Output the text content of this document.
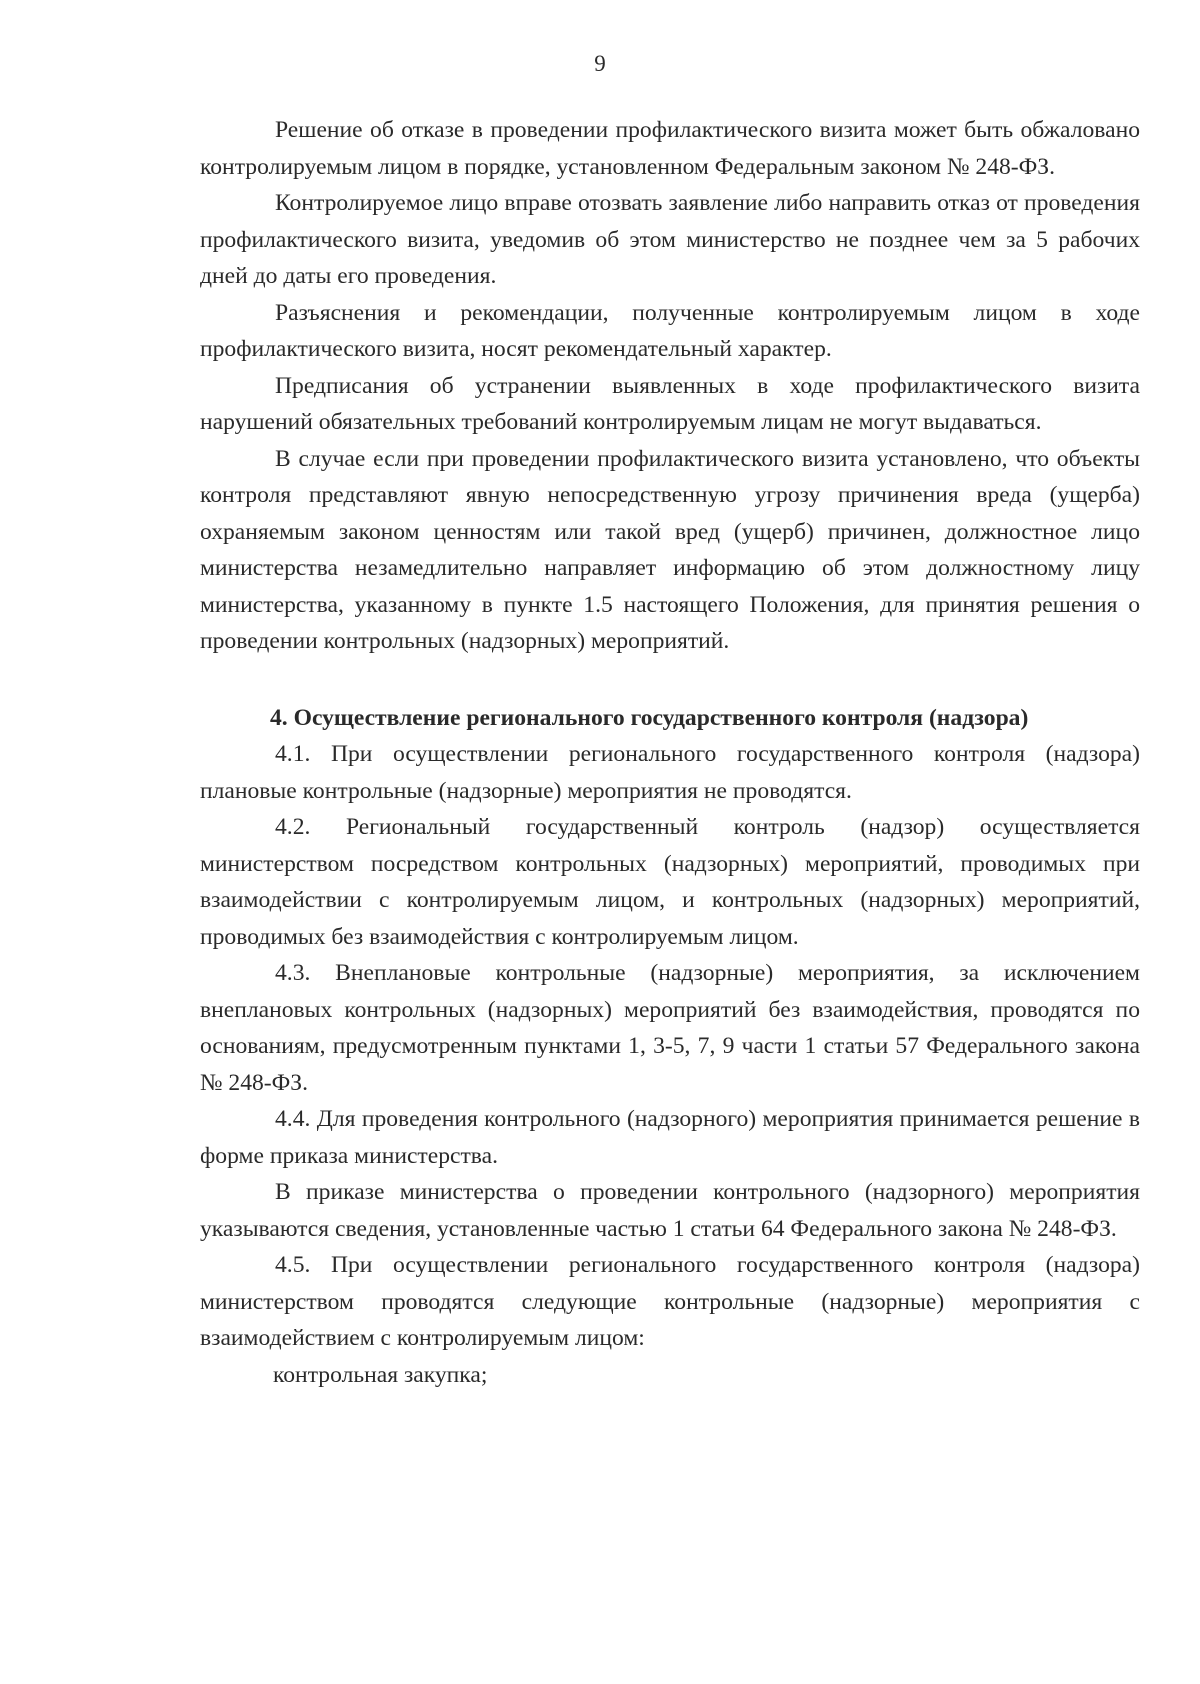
9

Решение об отказе в проведении профилактического визита может быть обжаловано контролируемым лицом в порядке, установленном Федеральным законом № 248-ФЗ.

Контролируемое лицо вправе отозвать заявление либо направить отказ от проведения профилактического визита, уведомив об этом министерство не позднее чем за 5 рабочих дней до даты его проведения.

Разъяснения и рекомендации, полученные контролируемым лицом в ходе профилактического визита, носят рекомендательный характер.

Предписания об устранении выявленных в ходе профилактического визита нарушений обязательных требований контролируемым лицам не могут выдаваться.

В случае если при проведении профилактического визита установлено, что объекты контроля представляют явную непосредственную угрозу причинения вреда (ущерба) охраняемым законом ценностям или такой вред (ущерб) причинен, должностное лицо министерства незамедлительно направляет информацию об этом должностному лицу министерства, указанному в пункте 1.5 настоящего Положения, для принятия решения о проведении контрольных (надзорных) мероприятий.

4. Осуществление регионального государственного контроля (надзора)

4.1. При осуществлении регионального государственного контроля (надзора) плановые контрольные (надзорные) мероприятия не проводятся.

4.2. Региональный государственный контроль (надзор) осуществляется министерством посредством контрольных (надзорных) мероприятий, проводимых при взаимодействии с контролируемым лицом, и контрольных (надзорных) мероприятий, проводимых без взаимодействия с контролируемым лицом.

4.3. Внеплановые контрольные (надзорные) мероприятия, за исключением внеплановых контрольных (надзорных) мероприятий без взаимодействия, проводятся по основаниям, предусмотренным пунктами 1, 3-5, 7, 9 части 1 статьи 57 Федерального закона № 248-ФЗ.

4.4. Для проведения контрольного (надзорного) мероприятия принимается решение в форме приказа министерства.

В приказе министерства о проведении контрольного (надзорного) мероприятия указываются сведения, установленные частью 1 статьи 64 Федерального закона № 248-ФЗ.

4.5. При осуществлении регионального государственного контроля (надзора) министерством проводятся следующие контрольные (надзорные) мероприятия с взаимодействием с контролируемым лицом:

контрольная закупка;
